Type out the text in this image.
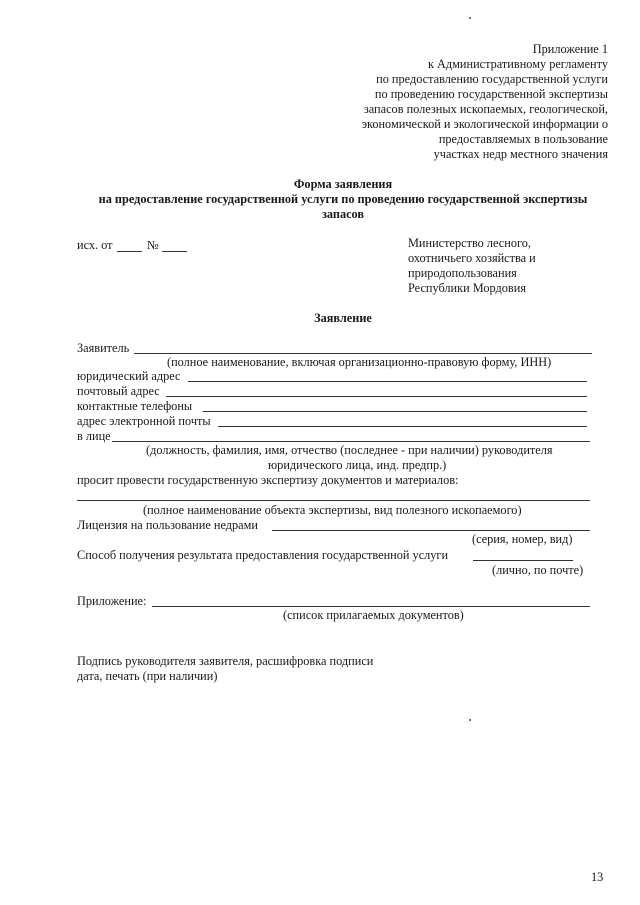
Приложение 1
к Административному регламенту
по предоставлению государственной услуги
по проведению государственной экспертизы
запасов полезных ископаемых, геологической,
экономической и экологической информации о
предоставляемых в пользование
участках недр местного значения
Форма заявления
на предоставление государственной услуги по проведению государственной экспертизы
запасов
исх. от	№	Министерство лесного,
охотничьего хозяйства и
природопользования
Республики Мордовия
Заявление
Заявитель
(полное наименование, включая организационно-правовую форму, ИНН)
юридический адрес
почтовый адрес
контактные телефоны
адрес электронной почты
в лице
(должность, фамилия, имя, отчество (последнее - при наличии) руководителя
юридического лица, инд. предпр.)
просит провести государственную экспертизу документов и материалов:
(полное наименование объекта экспертизы, вид полезного ископаемого)
Лицензия на пользование недрами
(серия, номер, вид)
Способ получения результата предоставления государственной услуги
(лично, по почте)
Приложение:
(список прилагаемых документов)
Подпись руководителя заявителя, расшифровка подписи
дата, печать (при наличии)
13
